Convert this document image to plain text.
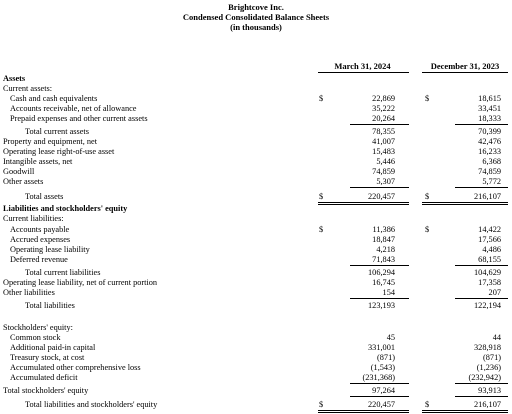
Brightcove Inc.
Condensed Consolidated Balance Sheets
(in thousands)
March 31, 2024	December 31, 2023
Assets
Current assets:
Cash and cash equivalents	$	22,869	$	18,615
Accounts receivable, net of allowance	35,222	33,451
Prepaid expenses and other current assets	20,264	18,333
Total current assets	78,355	70,399
Property and equipment, net	41,007	42,476
Operating lease right-of-use asset	15,483	16,233
Intangible assets, net	5,446	6,368
Goodwill	74,859	74,859
Other assets	5,307	5,772
Total assets	$	220,457	$	216,107
Liabilities and stockholders' equity
Current liabilities:
Accounts payable	$	11,386	$	14,422
Accrued expenses	18,847	17,566
Operating lease liability	4,218	4,486
Deferred revenue	71,843	68,155
Total current liabilities	106,294	104,629
Operating lease liability, net of current portion	16,745	17,358
Other liabilities	154	207
Total liabilities	123,193	122,194
Stockholders' equity:
Common stock	45	44
Additional paid-in capital	331,001	328,918
Treasury stock, at cost	(871)	(871)
Accumulated other comprehensive loss	(1,543)	(1,236)
Accumulated deficit	(231,368)	(232,942)
Total stockholders' equity	97,264	93,913
Total liabilities and stockholders' equity	$	220,457	$	216,107
